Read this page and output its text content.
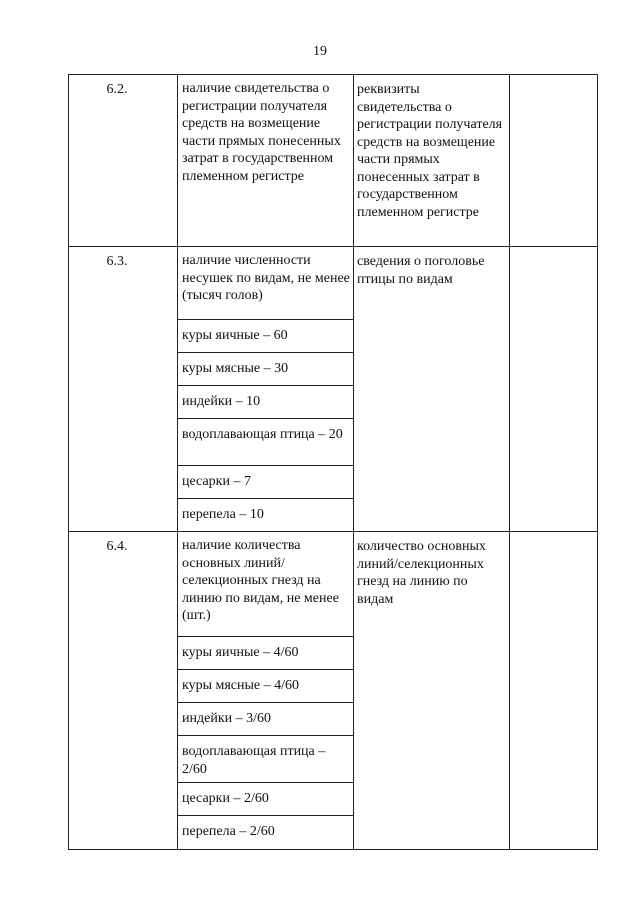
19
6.2.	наличие свидетельства о регистрации получателя средств на возмещение части прямых понесенных затрат в государственном племенном регистре	реквизиты свидетельства о регистрации получателя средств на возмещение части прямых понесенных затрат в государственном племенном регистре	
6.3.	наличие численности несушек по видам, не менее (тысяч голов)	сведения о поголовье птицы по видам	

	куры яичные – 60		

	куры мясные – 30		

	индейки – 10		

	водоплавающая птица – 20		

	цесарки – 7		

	перепела – 10		

6.4.	наличие количества основных линий/селекционных гнезд на линию по видам, не менее (шт.)	количество основных линий/селекционных гнезд на линию по видам	

	куры яичные – 4/60		

	куры мясные – 4/60		

	индейки – 3/60		

	водоплавающая птица – 2/60		

	цесарки – 2/60		

	перепела – 2/60		
